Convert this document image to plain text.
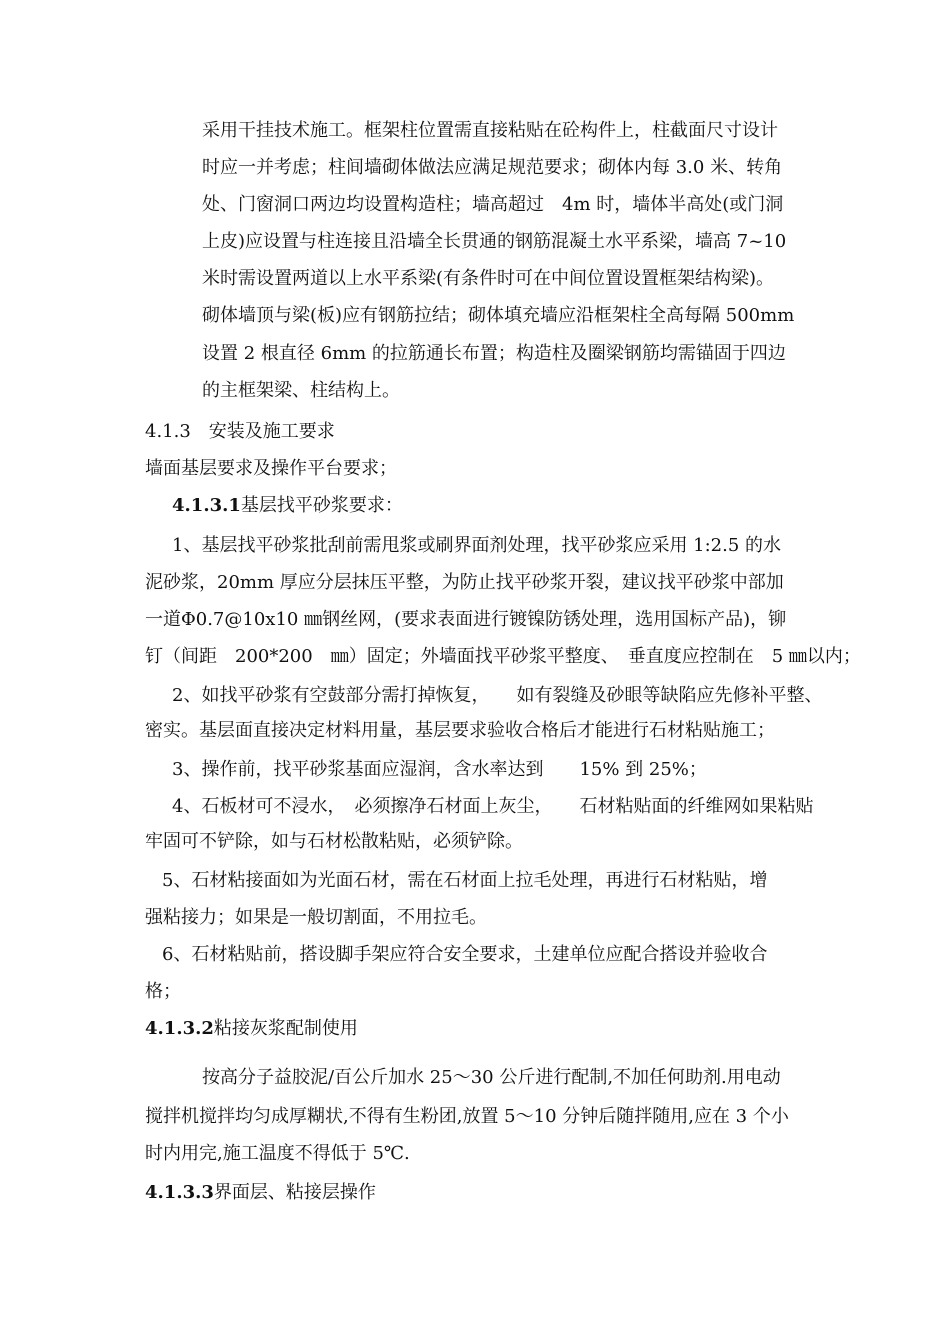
采用干挂技术施工。框架柱位置需直接粘贴在砼构件上，柱截面尺寸设计
时应一并考虑；柱间墙砌体做法应满足规范要求；砌体内每 3.0 米、转角
处、门窗洞口两边均设置构造柱；墙高超过　4m 时，墙体半高处(或门洞
上皮)应设置与柱连接且沿墙全长贯通的钢筋混凝土水平系梁，墙高 7~10
米时需设置两道以上水平系梁(有条件时可在中间位置设置框架结构梁)。
砌体墙顶与梁(板)应有钢筋拉结；砌体填充墙应沿框架柱全高每隔 500mm
设置 2 根直径 6mm 的拉筋通长布置；构造柱及圈梁钢筋均需锚固于四边
的主框架梁、柱结构上。
4.1.3　安装及施工要求
墙面基层要求及操作平台要求；
4.1.3.1基层找平砂浆要求：
1、基层找平砂浆批刮前需甩浆或刷界面剂处理，找平砂浆应采用 1:2.5 的水
泥砂浆，20mm 厚应分层抹压平整，为防止找平砂浆开裂，建议找平砂浆中部加
一道Φ0.7@10x10 ㎜钢丝网，(要求表面进行镀镍防锈处理，选用国标产品)，铆
钉（间距　200*200　㎜）固定；外墙面找平砂浆平整度、　垂直度应控制在　5 ㎜以内；
2、如找平砂浆有空鼓部分需打掉恢复，　　如有裂缝及砂眼等缺陷应先修补平整、
密实。基层面直接决定材料用量，基层要求验收合格后才能进行石材粘贴施工；
3、操作前，找平砂浆基面应湿润，含水率达到　　15% 到 25%；
4、石板材可不浸水，　必须擦净石材面上灰尘，　　石材粘贴面的纤维网如果粘贴
牢固可不铲除，如与石材松散粘贴，必须铲除。
5、石材粘接面如为光面石材，需在石材面上拉毛处理，再进行石材粘贴，增
强粘接力；如果是一般切割面，不用拉毛。
6、石材粘贴前，搭设脚手架应符合安全要求，土建单位应配合搭设并验收合
格；
4.1.3.2粘接灰浆配制使用
按高分子益胶泥/百公斤加水 25～30 公斤进行配制,不加任何助剂.用电动
搅拌机搅拌均匀成厚糊状,不得有生粉团,放置 5～10 分钟后随拌随用,应在 3 个小
时内用完,施工温度不得低于 5℃.
4.1.3.3界面层、粘接层操作
